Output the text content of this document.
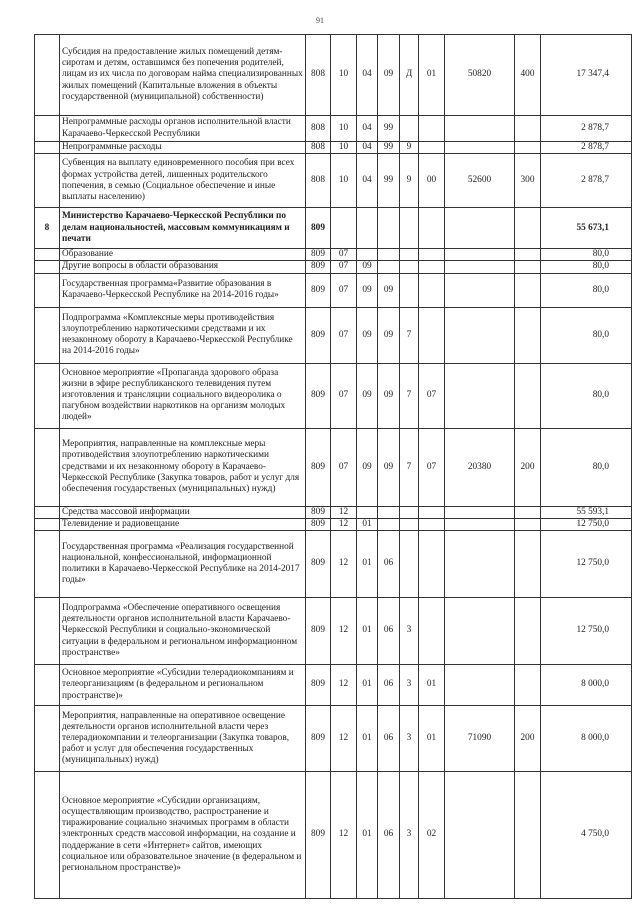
91
	Субсидия на предоставление жилых помещений детям-сиротам и детям, оставшимся без попечения родителей, лицам из их числа по договорам найма специализированных жилых помещений (Капитальные вложения в объекты государственной (муниципальной) собственности)	808	10	04	09	Д	01	50820	400	17 347,4
	Непрограммные расходы органов исполнительной власти Карачаево-Черкесской Республики	808	10	04	99					2 878,7
	Непрограммные расходы	808	10	04	99	9				2 878,7
	Субвенция на выплату единовременного пособия при всех формах устройства детей, лишенных родительского попечения, в семью (Социальное обеспечение и иные выплаты населению)	808	10	04	99	9	00	52600	300	2 878,7
8	Министерство Карачаево-Черкесской Республики по делам национальностей, массовым коммуникациям и печати	809								55 673,1
	Образование	809	07							80,0
	Другие вопросы в области образования	809	07	09						80,0
	Государственная программа«Развитие образования в Карачаево-Черкесской Республике на 2014-2016 годы»	809	07	09	09					80,0
	Подпрограмма «Комплексные меры противодействия злоупотреблению наркотическими средствами и их незаконному обороту в Карачаево-Черкесской Республике на 2014-2016 годы»	809	07	09	09	7				80,0
	Основное мероприятие «Пропаганда здорового образа жизни в эфире республиканского телевидения путем изготовления и трансляции социального видеоролика о пагубном воздействии наркотиков на организм молодых людей»	809	07	09	09	7	07			80,0
	Мероприятия, направленные на комплексные меры противодействия злоупотреблению наркотическими средствами и их незаконному обороту в Карачаево-Черкесской Республике (Закупка товаров, работ и услуг для обеспечения государственых (муниципальных) нужд)	809	07	09	09	7	07	20380	200	80,0
	Средства массовой информации	809	12							55 593,1
	Телевидение и радиовещание	809	12	01						12 750,0
	Государственная программа «Реализация государственной национальной, конфессиональной, информационной политики в Карачаево-Черкесской Республике на 2014-2017 годы»	809	12	01	06					12 750,0
	Подпрограмма «Обеспечение оперативного освещения деятельности органов исполнительной власти Карачаево-Черкесской Республики и социально-экономической ситуации в федеральном и региональном информационном пространстве»	809	12	01	06	3				12 750,0
	Основное мероприятие «Субсидии телерадиокомпаниям и телеорганизациям (в федеральном и региональном пространстве)»	809	12	01	06	3	01			8 000,0
	Мероприятия, направленные на оперативное освещение деятельности органов исполнительной власти через телерадиокомпании и телеорганизации (Закупка товаров, работ и услуг для обеспечения государственных (муниципальных) нужд)	809	12	01	06	3	01	71090	200	8 000,0
	Основное мероприятие «Субсидии организациям, осуществляющим производство, распространение и тиражирование социально значимых программ в области электронных средств массовой информации, на создание и поддержание в сети «Интернет» сайтов, имеющих социальное или образовательное значение (в федеральном и региональном пространстве)»	809	12	01	06	3	02			4 750,0
